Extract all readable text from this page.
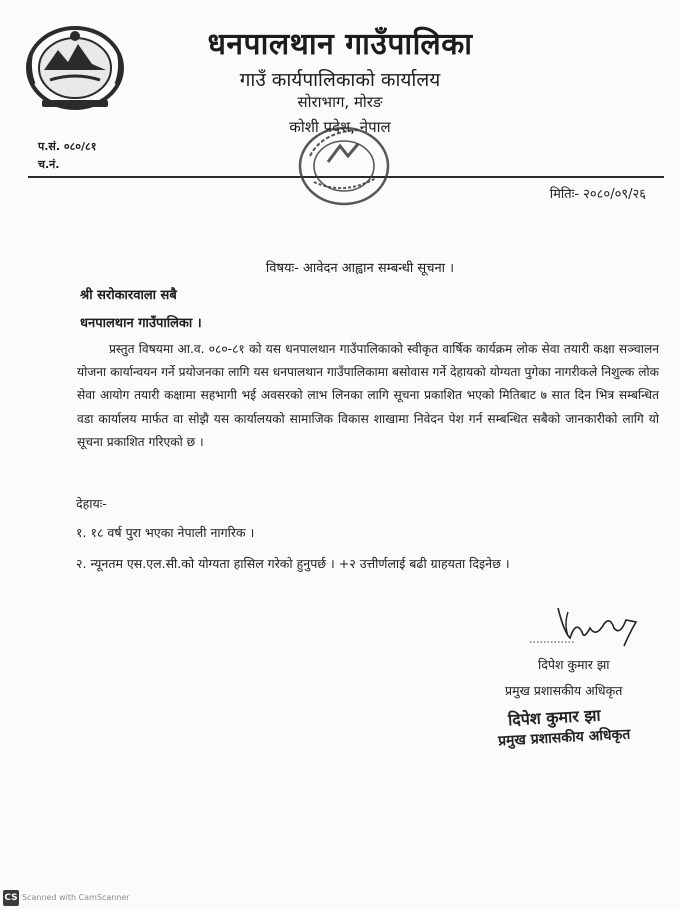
धनपालथान गाउँपालिका
गाउँ कार्यपालिकाको कार्यालय
सोराभाग, मोरङ
कोशी प्रदेश, नेपाल
प.सं. ०८०/८१
च.नं.
मितिः- २०८०/०९/२६
विषयः- आवेदन आह्वान सम्बन्धी सूचना ।
श्री सरोकारवाला सबै
धनपालथान गाउँपालिका ।
प्रस्तुत विषयमा आ.व. ०८०-८१ को यस धनपालथान गाउँपालिकाको स्वीकृत वार्षिक कार्यक्रम लोक सेवा तयारी कक्षा सञ्चालन योजना कार्यान्वयन गर्ने प्रयोजनका लागि यस धनपालथान गाउँपालिकामा बसोवास गर्ने देहायको योग्यता पुगेका नागरीकले निशुल्क लोक सेवा आयोग तयारी कक्षामा सहभागी भई अवसरको लाभ लिनका लागि सूचना प्रकाशित भएको मितिबाट ७ सात दिन भित्र सम्बन्धित वडा कार्यालय मार्फत वा सोझै यस कार्यालयको सामाजिक विकास शाखामा निवेदन पेश गर्न सम्बन्धित सबैको जानकारीको लागि यो सूचना प्रकाशित गरिएको छ ।
देहायः-
१. १८ वर्ष पुरा भएका नेपाली नागरिक ।
२. न्यूनतम एस.एल.सी.को योग्यता हासिल गरेको हुनुपर्छ । +२ उत्तीर्णलाई बढी ग्राहयता दिइनेछ ।
दिपेश कुमार झा
प्रमुख प्रशासकीय अधिकृत
दिपेश कुमार झा
प्रमुख प्रशासकीय अधिकृत
CS Scanned with CamScanner
